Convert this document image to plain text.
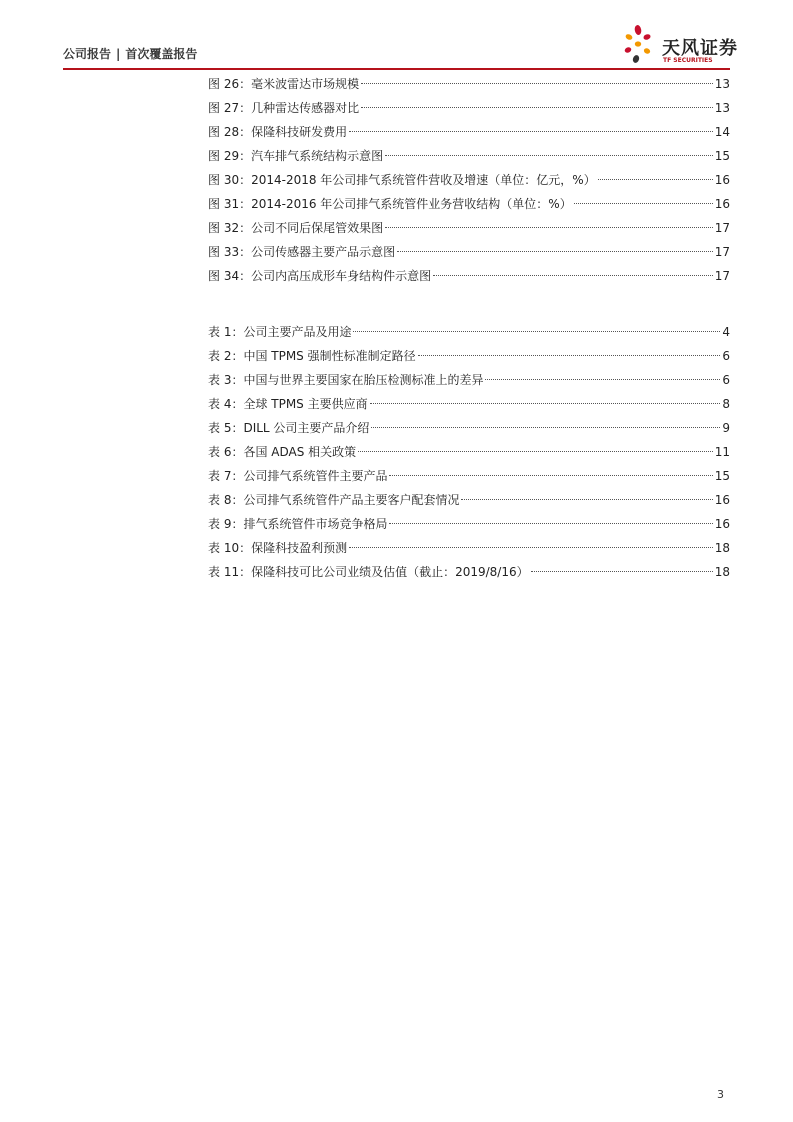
公司报告 | 首次覆盖报告	天风证券
TF SECURITIES
图 26：毫米波雷达市场规模	13
图 27：几种雷达传感器对比	13
图 28：保隆科技研发费用	14
图 29：汽车排气系统结构示意图	15
图 30：2014-2018 年公司排气系统管件营收及增速（单位：亿元，%）	16
图 31：2014-2016 年公司排气系统管件业务营收结构（单位：%）	16
图 32：公司不同后保尾管效果图	17
图 33：公司传感器主要产品示意图	17
图 34：公司内高压成形车身结构件示意图	17
表 1：公司主要产品及用途	4
表 2：中国 TPMS 强制性标准制定路径	6
表 3：中国与世界主要国家在胎压检测标准上的差异	6
表 4：全球 TPMS 主要供应商	8
表 5：DILL 公司主要产品介绍	9
表 6：各国 ADAS 相关政策	11
表 7：公司排气系统管件主要产品	15
表 8：公司排气系统管件产品主要客户配套情况	16
表 9：排气系统管件市场竞争格局	16
表 10：保隆科技盈利预测	18
表 11：保隆科技可比公司业绩及估值（截止：2019/8/16）	18
3
